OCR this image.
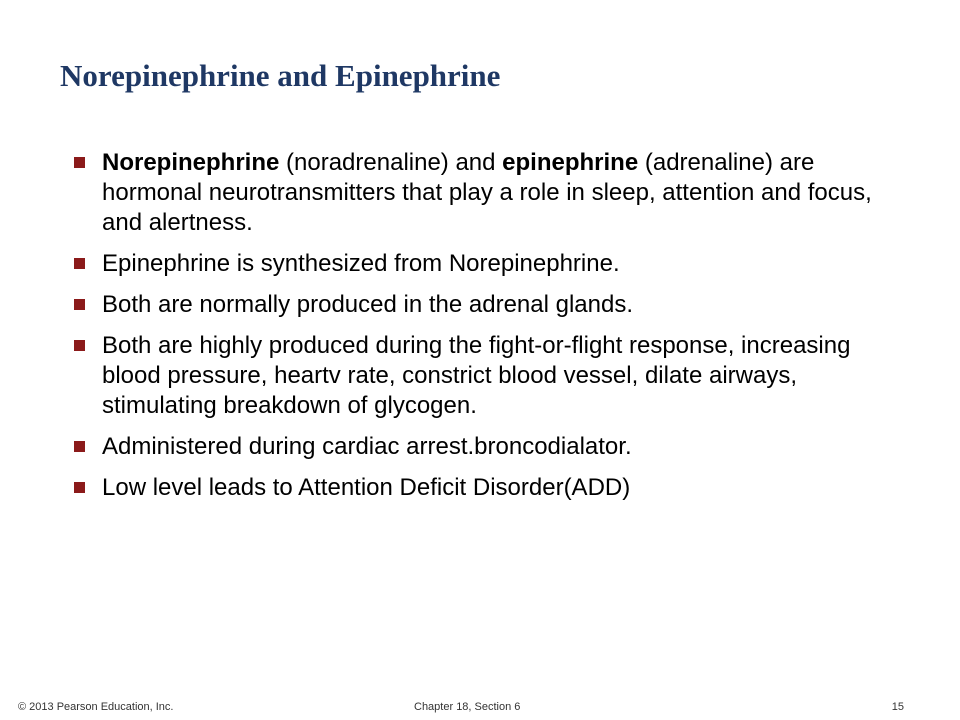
Norepinephrine and Epinephrine
Norepinephrine (noradrenaline) and epinephrine (adrenaline) are hormonal neurotransmitters that play a role in sleep, attention and focus, and alertness.
Epinephrine is synthesized from Norepinephrine.
Both are normally produced in the adrenal glands.
Both are highly produced during the fight-or-flight response, increasing blood pressure, heartv rate, constrict blood vessel, dilate airways, stimulating breakdown of glycogen.
Administered during cardiac arrest.broncodialator.
Low level leads to Attention Deficit Disorder(ADD)
© 2013 Pearson Education, Inc.	Chapter 18, Section 6	15
